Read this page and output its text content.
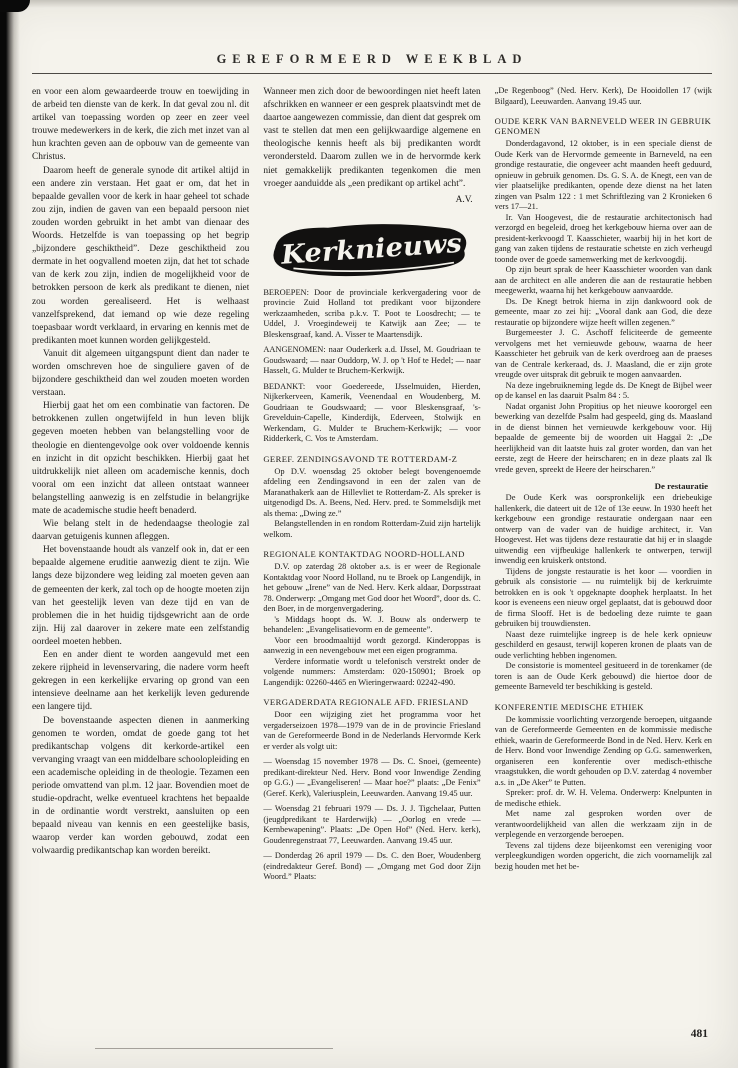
GEREFORMEERD WEEKBLAD

en voor een alom gewaardeerde trouw en toewijding in de arbeid ten dienste van de kerk. In dat geval zou nl. dit artikel van toepassing worden op zeer en zeer veel trouwe medewerkers in de kerk, die zich met inzet van al hun krachten geven aan de opbouw van de gemeente van Christus.

Daarom heeft de generale synode dit artikel altijd in een andere zin verstaan. Het gaat er om, dat het in bepaalde gevallen voor de kerk in haar geheel tot schade zou zijn, indien de gaven van een bepaald persoon niet zouden worden gebruikt in het ambt van dienaar des Woords. Hetzelfde is van toepassing op het begrip „bijzondere geschiktheid”. Deze geschiktheid zou dermate in het oogvallend moeten zijn, dat het tot schade van de kerk zou zijn, indien de mogelijkheid voor de betrokken persoon de kerk als predikant te dienen, niet zou worden gerealiseerd. Het is welhaast vanzelfsprekend, dat iemand op wie deze regeling toepasbaar wordt verklaard, in ervaring en kennis met de predikanten moet kunnen worden gelijkgesteld.

Vanuit dit algemeen uitgangspunt dient dan nader te worden omschreven hoe de singuliere gaven of de bijzondere geschiktheid dan wel zouden moeten worden verstaan.

Hierbij gaat het om een combinatie van factoren. De betrokkenen zullen ongetwijfeld in hun leven blijk gegeven moeten hebben van belangstelling voor de theologie en dientengevolge ook over voldoende kennis en inzicht in dit opzicht beschikken. Hierbij gaat het uitdrukkelijk niet alleen om academische kennis, doch vooral om een inzicht dat alleen ontstaat wanneer belangstelling aanwezig is en zelfstudie in belangrijke mate de academische studie heeft benaderd.

Wie belang stelt in de hedendaagse theologie zal daarvan getuigenis kunnen afleggen.

Het bovenstaande houdt als vanzelf ook in, dat er een bepaalde algemene eruditie aanwezig dient te zijn. Wie langs deze bijzondere weg leiding zal moeten geven aan de gemeenten der kerk, zal toch op de hoogte moeten zijn van het geestelijk leven van deze tijd en van de problemen die in het huidig tijdsgewricht aan de orde zijn. Hij zal daarover in zekere mate een zelfstandig oordeel moeten hebben.

Een en ander dient te worden aangevuld met een zekere rijpheid in levenservaring, die nadere vorm heeft gekregen in een kerkelijke ervaring op grond van een intensieve deelname aan het kerkelijk leven gedurende een langere tijd.

De bovenstaande aspecten dienen in aanmerking genomen te worden, omdat de goede gang tot het predikantschap volgens dit kerkorde-artikel een vervanging vraagt van een middelbare schoolopleiding en een academische opleiding in de theologie. Tezamen een periode omvattend van pl.m. 12 jaar. Bovendien moet de studie-opdracht, welke eventueel krachtens het bepaalde in de ordinantie wordt verstrekt, aansluiten op een bepaald niveau van kennis en een geestelijke basis, waarop verder kan worden gebouwd, zodat een volwaardig predikantschap kan worden bereikt.

Wanneer men zich door de bewoordingen niet heeft laten afschrikken en wanneer er een gesprek plaatsvindt met de daartoe aangewezen commissie, dan dient dat gesprek om vast te stellen dat men een gelijkwaardige algemene en theologische kennis heeft als bij predikanten wordt verondersteld. Daarom zullen we in de hervormde kerk niet gemakkelijk predikanten tegenkomen die men vroeger aanduidde als „een predikant op artikel acht”.

A.V.

Kerknieuws

BEROEPEN: Door de provinciale kerkvergadering voor de provincie Zuid Holland tot predikant voor bijzondere werkzaamheden, scriba p.k.v. T. Poot te Loosdrecht; — te Uddel, J. Vroegindeweij te Katwijk aan Zee; — te Bleskensgraaf, kand. A. Visser te Maartensdijk.

AANGENOMEN: naar Ouderkerk a.d. IJssel, M. Goudriaan te Goudswaard; — naar Ouddorp, W. J. op 't Hof te Hedel; — naar Hasselt, G. Mulder te Bruchem-Kerkwijk.

BEDANKT: voor Goedereede, IJsselmuiden, Hierden, Nijkerkerveen, Kamerik, Veenendaal en Woudenberg, M. Goudriaan te Goudswaard; — voor Bleskensgraaf, 's-Grevelduin-Capelle, Kinderdijk, Ederveen, Stolwijk en Werkendam, G. Mulder te Bruchem-Kerkwijk; — voor Ridderkerk, C. Vos te Amsterdam.

GEREF. ZENDINGSAVOND TE ROTTERDAM-Z

Op D.V. woensdag 25 oktober belegt bovengenoemde afdeling een Zendingsavond in een der zalen van de Maranathakerk aan de Hillevliet te Rotterdam-Z. Als spreker is uitgenodigd Ds. A. Beens, Ned. Herv. pred. te Sommelsdijk met als thema: „Dwing ze.”

Belangstellenden in en rondom Rotterdam-Zuid zijn hartelijk welkom.

REGIONALE KONTAKTDAG NOORD-HOLLAND

D.V. op zaterdag 28 oktober a.s. is er weer de Regionale Kontaktdag voor Noord Holland, nu te Broek op Langendijk, in het gebouw „Irene” van de Ned. Herv. Kerk aldaar, Dorpsstraat 78. Onderwerp: „Omgang met God door het Woord”, door ds. C. den Boer, in de morgenvergadering.

's Middags hoopt ds. W. J. Bouw als onderwerp te behandelen: „Evangelisatievorm en de gemeente”.

Voor een broodmaaltijd wordt gezorgd. Kinderoppas is aanwezig in een nevengebouw met een eigen programma.

Verdere informatie wordt u telefonisch verstrekt onder de volgende nummers: Amsterdam: 020-150901; Broek op Langendijk: 02260-4465 en Wieringerwaard: 02242-490.

VERGADERDATA REGIONALE AFD. FRIESLAND

Door een wijziging ziet het programma voor het vergaderseizoen 1978—1979 van de in de provincie Friesland van de Gereformeerde Bond in de Nederlands Hervormde Kerk er verder als volgt uit:

— Woensdag 15 november 1978 — Ds. C. Snoei, (gemeente) predikant-direkteur Ned. Herv. Bond voor Inwendige Zending op G.G.) — „Evangeliseren! — Maar hoe?” plaats: „De Fenix” (Geref. Kerk), Valeriusplein, Leeuwarden. Aanvang 19.45 uur.

— Woensdag 21 februari 1979 — Ds. J. J. Tigchelaar, Putten (jeugdpredikant te Harderwijk) — „Oorlog en vrede — Kernbewapening”. Plaats: „De Open Hof” (Ned. Herv. kerk), Goudenregenstraat 77, Leeuwarden. Aanvang 19.45 uur.

— Donderdag 26 april 1979 — Ds. C. den Boer, Woudenberg (eindredakteur Geref. Bond) — „Omgang met God door Zijn Woord.” Plaats:

„De Regenboog” (Ned. Herv. Kerk), De Hooidollen 17 (wijk Bilgaard), Leeuwarden. Aanvang 19.45 uur.

OUDE KERK VAN BARNEVELD WEER IN GEBRUIK GENOMEN

Donderdagavond, 12 oktober, is in een speciale dienst de Oude Kerk van de Hervormde gemeente in Barneveld, na een grondige restauratie, die ongeveer acht maanden heeft geduurd, opnieuw in gebruik genomen. Ds. G. S. A. de Knegt, een van de vier plaatselijke predikanten, opende deze dienst na het laten zingen van Psalm 122 : 1 met Schriftlezing van 2 Kronieken 6 vers 17—21.

Ir. Van Hoogevest, die de restauratie architectonisch had verzorgd en begeleid, droeg het kerkgebouw hierna over aan de president-kerkvoogd T. Kaasschieter, waarbij hij in het kort de gang van zaken tijdens de restauratie schetste en zich verheugd toonde over de goede samenwerking met de kerkvoogdij.

Op zijn beurt sprak de heer Kaasschieter woorden van dank aan de architect en alle anderen die aan de restauratie hebben meegewerkt, waarna hij het kerkgebouw aanvaardde.

Ds. De Knegt betrok hierna in zijn dankwoord ook de gemeente, maar zo zei hij: „Vooral dank aan God, die deze restauratie op bijzondere wijze heeft willen zegenen.”

Burgemeester J. C. Aschoff feliciteerde de gemeente vervolgens met het vernieuwde gebouw, waarna de heer Kaasschieter het gebruik van de kerk overdroeg aan de praeses van de Centrale kerkeraad, ds. J. Maasland, die er zijn grote vreugde over uitsprak dit gebruik te mogen aanvaarden.

Na deze ingebruikneming legde ds. De Knegt de Bijbel weer op de kansel en las daaruit Psalm 84 : 5.

Nadat organist John Propitius op het nieuwe koororgel een bewerking van dezelfde Psalm had gespeeld, ging ds. Maasland in de dienst binnen het vernieuwde kerkgebouw voor. Hij bepaalde de gemeente bij de woorden uit Haggaï 2: „De heerlijkheid van dit laatste huis zal groter worden, dan van het eerste, zegt de Heere der heirscharen; en in deze plaats zal Ik vrede geven, spreekt de Heere der heirscharen.”

De restauratie

De Oude Kerk was oorspronkelijk een driebeukige hallenkerk, die dateert uit de 12e of 13e eeuw. In 1930 heeft het kerkgebouw een grondige restauratie ondergaan naar een ontwerp van de vader van de huidige architect, ir. Van Hoogevest. Het was tijdens deze restauratie dat hij er in slaagde uitwendig een vijfbeukige hallenkerk te ontwerpen, terwijl inwendig een kruiskerk ontstond.

Tijdens de jongste restauratie is het koor — voordien in gebruik als consistorie — nu ruimtelijk bij de kerkruimte betrokken en is ook 't opgeknapte doophek herplaatst. In het koor is eveneens een nieuw orgel geplaatst, dat is gebouwd door de firma Slooff. Het is de bedoeling deze ruimte te gaan gebruiken bij trouwdiensten.

Naast deze ruimtelijke ingreep is de hele kerk opnieuw geschilderd en gesaust, terwijl koperen kronen de plaats van de oude verlichting hebben ingenomen.

De consistorie is momenteel gesitueerd in de torenkamer (de toren is aan de Oude Kerk gebouwd) die hiertoe door de gemeente Barneveld ter beschikking is gesteld.

KONFERENTIE MEDISCHE ETHIEK

De kommissie voorlichting verzorgende beroepen, uitgaande van de Gereformeerde Gemeenten en de kommissie medische ethiek, waarin de Gereformeerde Bond in de Ned. Herv. Kerk en de Herv. Bond voor Inwendige Zending op G.G. samenwerken, organiseren een konferentie over medisch-ethische vraagstukken, die wordt gehouden op D.V. zaterdag 4 november a.s. in „De Aker” te Putten.

Spreker: prof. dr. W. H. Velema. Onderwerp: Knelpunten in de medische ethiek.

Met name zal gesproken worden over de verantwoordelijkheid van allen die werkzaam zijn in de verplegende en verzorgende beroepen.

Tevens zal tijdens deze bijeenkomst een vereniging voor verpleegkundigen worden opgericht, die zich voornamelijk zal bezig houden met het be-

481
